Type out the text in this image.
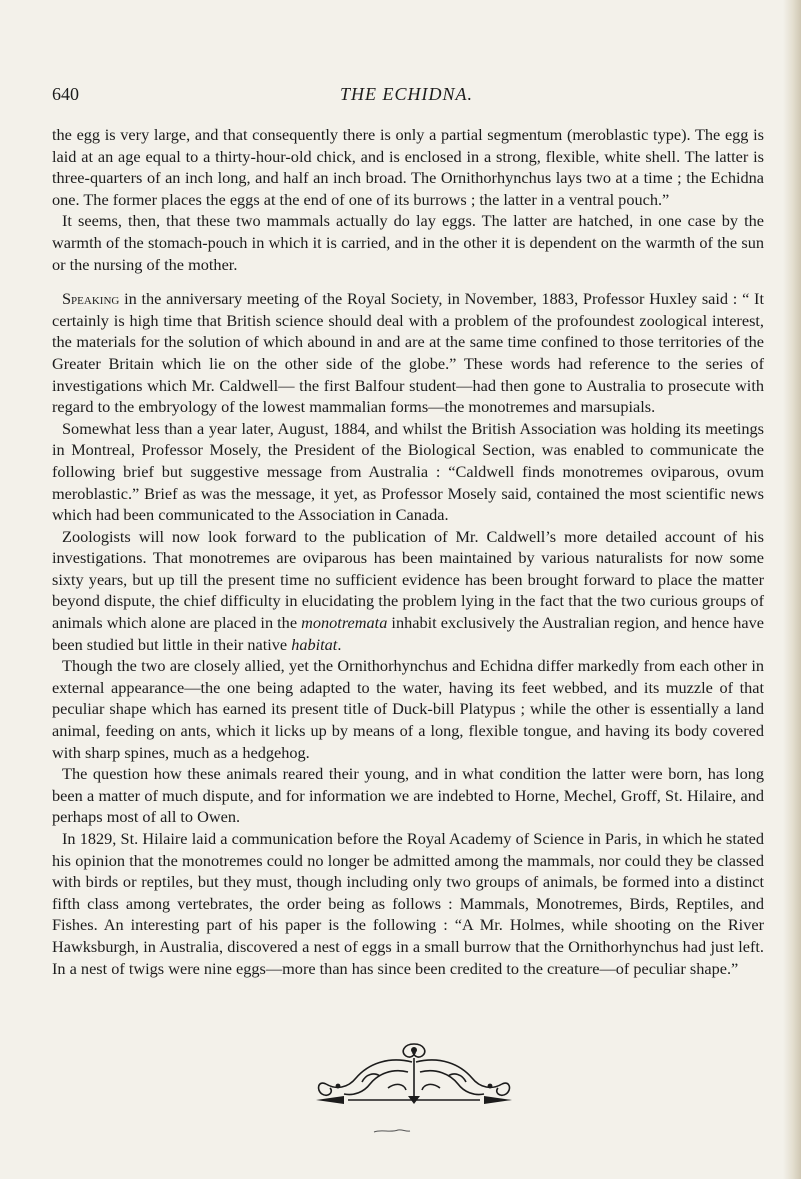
640	THE ECHIDNA.

the egg is very large, and that consequently there is only a partial segmentum (meroblastic type). The egg is laid at an age equal to a thirty-hour-old chick, and is enclosed in a strong, flexible, white shell. The latter is three-quarters of an inch long, and half an inch broad. The Ornithorhynchus lays two at a time ; the Echidna one. The former places the eggs at the end of one of its burrows ; the latter in a ventral pouch.”

It seems, then, that these two mammals actually do lay eggs. The latter are hatched, in one case by the warmth of the stomach-pouch in which it is carried, and in the other it is dependent on the warmth of the sun or the nursing of the mother.

Speaking in the anniversary meeting of the Royal Society, in November, 1883, Professor Huxley said : “ It certainly is high time that British science should deal with a problem of the profoundest zoological interest, the materials for the solution of which abound in and are at the same time confined to those territories of the Greater Britain which lie on the other side of the globe.” These words had reference to the series of investigations which Mr. Caldwell— the first Balfour student—had then gone to Australia to prosecute with regard to the embryology of the lowest mammalian forms—the monotremes and marsupials.

Somewhat less than a year later, August, 1884, and whilst the British Association was holding its meetings in Montreal, Professor Mosely, the President of the Biological Section, was enabled to communicate the following brief but suggestive message from Australia : “Caldwell finds monotremes oviparous, ovum meroblastic.” Brief as was the message, it yet, as Professor Mosely said, contained the most scientific news which had been communicated to the Association in Canada.

Zoologists will now look forward to the publication of Mr. Caldwell’s more detailed account of his investigations. That monotremes are oviparous has been maintained by various naturalists for now some sixty years, but up till the present time no sufficient evidence has been brought forward to place the matter beyond dispute, the chief difficulty in elucidating the problem lying in the fact that the two curious groups of animals which alone are placed in the monotremata inhabit exclusively the Australian region, and hence have been studied but little in their native habitat.

Though the two are closely allied, yet the Ornithorhynchus and Echidna differ markedly from each other in external appearance—the one being adapted to the water, having its feet webbed, and its muzzle of that peculiar shape which has earned its present title of Duck-bill Platypus ; while the other is essentially a land animal, feeding on ants, which it licks up by means of a long, flexible tongue, and having its body covered with sharp spines, much as a hedgehog.

The question how these animals reared their young, and in what condition the latter were born, has long been a matter of much dispute, and for information we are indebted to Horne, Mechel, Groff, St. Hilaire, and perhaps most of all to Owen.

In 1829, St. Hilaire laid a communication before the Royal Academy of Science in Paris, in which he stated his opinion that the monotremes could no longer be admitted among the mammals, nor could they be classed with birds or reptiles, but they must, though including only two groups of animals, be formed into a distinct fifth class among vertebrates, the order being as follows : Mammals, Monotremes, Birds, Reptiles, and Fishes. An interesting part of his paper is the following : “A Mr. Holmes, while shooting on the River Hawksburgh, in Australia, discovered a nest of eggs in a small burrow that the Ornithorhynchus had just left. In a nest of twigs were nine eggs—more than has since been credited to the creature—of peculiar shape.”
